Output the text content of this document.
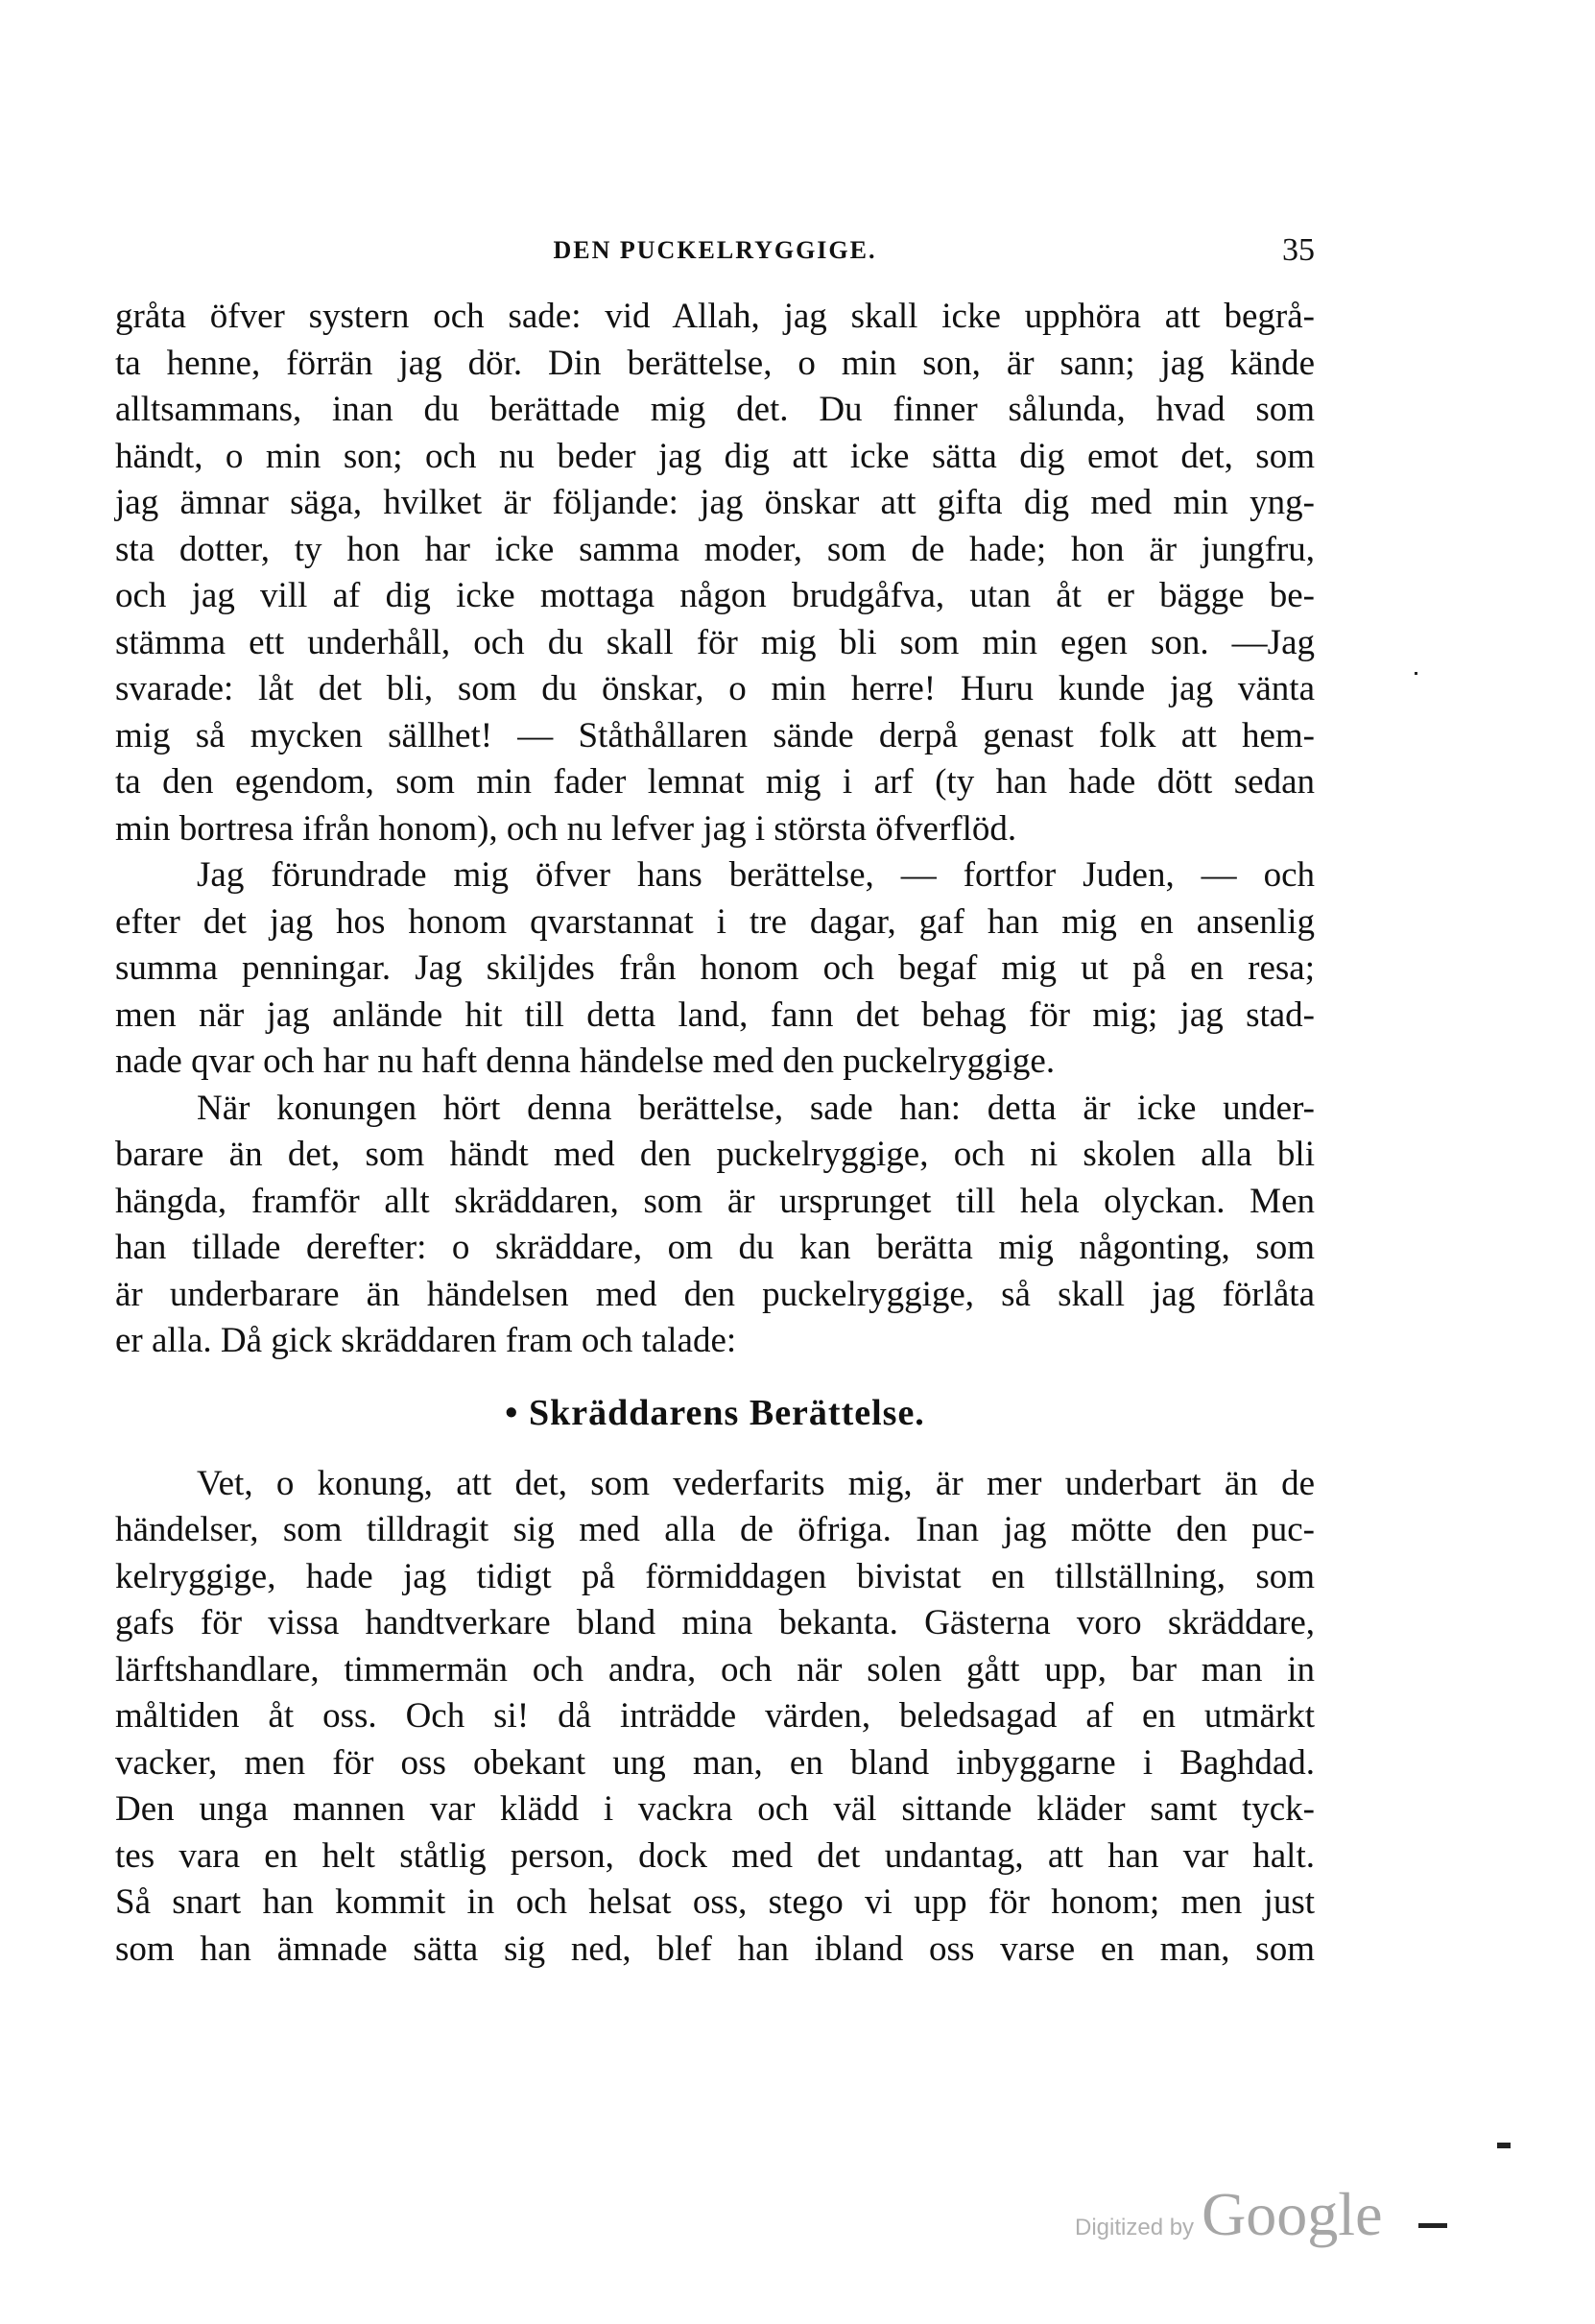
DEN PUCKELRYGGIGE.	35
gråta öfver systern och sade: vid Allah, jag skall icke upphöra att begrå-
ta henne, förrän jag dör. Din berättelse, o min son, är sann; jag kände
alltsammans, inan du berättade mig det. Du finner sålunda, hvad som
händt, o min son; och nu beder jag dig att icke sätta dig emot det, som
jag ämnar säga, hvilket är följande: jag önskar att gifta dig med min yng-
sta dotter, ty hon har icke samma moder, som de hade; hon är jungfru,
och jag vill af dig icke mottaga någon brudgåfva, utan åt er bägge be-
stämma ett underhåll, och du skall för mig bli som min egen son. —Jag
svarade: låt det bli, som du önskar, o min herre! Huru kunde jag vänta
mig så mycken sällhet! — Ståthållaren sände derpå genast folk att hem-
ta den egendom, som min fader lemnat mig i arf (ty han hade dött sedan
min bortresa ifrån honom), och nu lefver jag i största öfverflöd.
Jag förundrade mig öfver hans berättelse, — fortfor Juden, — och
efter det jag hos honom qvarstannat i tre dagar, gaf han mig en ansenlig
summa penningar. Jag skiljdes från honom och begaf mig ut på en resa;
men när jag anlände hit till detta land, fann det behag för mig; jag stad-
nade qvar och har nu haft denna händelse med den puckelryggige.
När konungen hört denna berättelse, sade han: detta är icke under-
barare än det, som händt med den puckelryggige, och ni skolen alla bli
hängda, framför allt skräddaren, som är ursprunget till hela olyckan. Men
han tillade derefter: o skräddare, om du kan berätta mig någonting, som
är underbarare än händelsen med den puckelryggige, så skall jag förlåta
er alla. Då gick skräddaren fram och talade:
• Skräddarens Berättelse.
Vet, o konung, att det, som vederfarits mig, är mer underbart än de
händelser, som tilldragit sig med alla de öfriga. Inan jag mötte den puc-
kelryggige, hade jag tidigt på förmiddagen bivistat en tillställning, som
gafs för vissa handtverkare bland mina bekanta. Gästerna voro skräddare,
lärftshandlare, timmermän och andra, och när solen gått upp, bar man in
måltiden åt oss. Och si! då inträdde värden, beledsagad af en utmärkt
vacker, men för oss obekant ung man, en bland inbyggarne i Baghdad.
Den unga mannen var klädd i vackra och väl sittande kläder samt tyck-
tes vara en helt ståtlig person, dock med det undantag, att han var halt.
Så snart han kommit in och helsat oss, stego vi upp för honom; men just
som han ämnade sätta sig ned, blef han ibland oss varse en man, som
Digitized by Google
